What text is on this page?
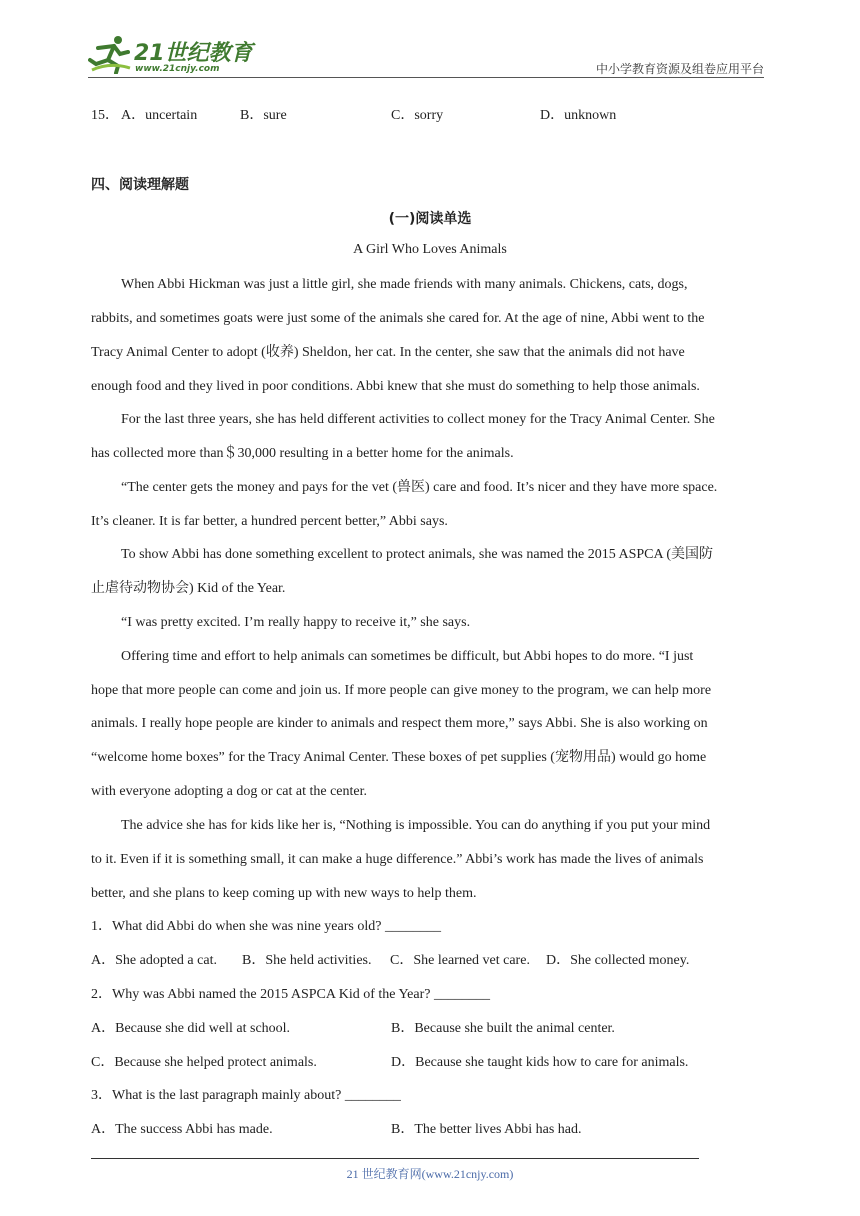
21世纪教育
www.21cnjy.com	中小学教育资源及组卷应用平台
15． A．uncertain	B．sure	C．sorry	D．unknown
四、阅读理解题
(一)阅读单选
A Girl Who Loves Animals
When Abbi Hickman was just a little girl, she made friends with many animals. Chickens, cats, dogs,
rabbits, and sometimes goats were just some of the animals she cared for. At the age of nine, Abbi went to the
Tracy Animal Center to adopt (收养) Sheldon, her cat. In the center, she saw that the animals did not have
enough food and they lived in poor conditions. Abbi knew that she must do something to help those animals.
For the last three years, she has held different activities to collect money for the Tracy Animal Center. She
has collected more than＄30,000 resulting in a better home for the animals.
“The center gets the money and pays for the vet (兽医) care and food. It’s nicer and they have more space.
It’s cleaner. It is far better, a hundred percent better,” Abbi says.
To show Abbi has done something excellent to protect animals, she was named the 2015 ASPCA (美国防
止虐待动物协会) Kid of the Year.
“I was pretty excited. I’m really happy to receive it,” she says.
Offering time and effort to help animals can sometimes be difficult, but Abbi hopes to do more. “I just
hope that more people can come and join us. If more people can give money to the program, we can help more
animals. I really hope people are kinder to animals and respect them more,” says Abbi. She is also working on
“welcome home boxes” for the Tracy Animal Center. These boxes of pet supplies (宠物用品) would go home
with everyone adopting a dog or cat at the center.
The advice she has for kids like her is, “Nothing is impossible. You can do anything if you put your mind
to it. Even if it is something small, it can make a huge difference.” Abbi’s work has made the lives of animals
better, and she plans to keep coming up with new ways to help them.
1．What did Abbi do when she was nine years old? ________
A．She adopted a cat. B．She held activities. C．She learned vet care. D．She collected money.
2．Why was Abbi named the 2015 ASPCA Kid of the Year? ________
A．Because she did well at school.	B．Because she built the animal center.
C．Because she helped protect animals.	D．Because she taught kids how to care for animals.
3．What is the last paragraph mainly about? ________
A．The success Abbi has made.	B．The better lives Abbi has had.
21 世纪教育网(www.21cnjy.com)
